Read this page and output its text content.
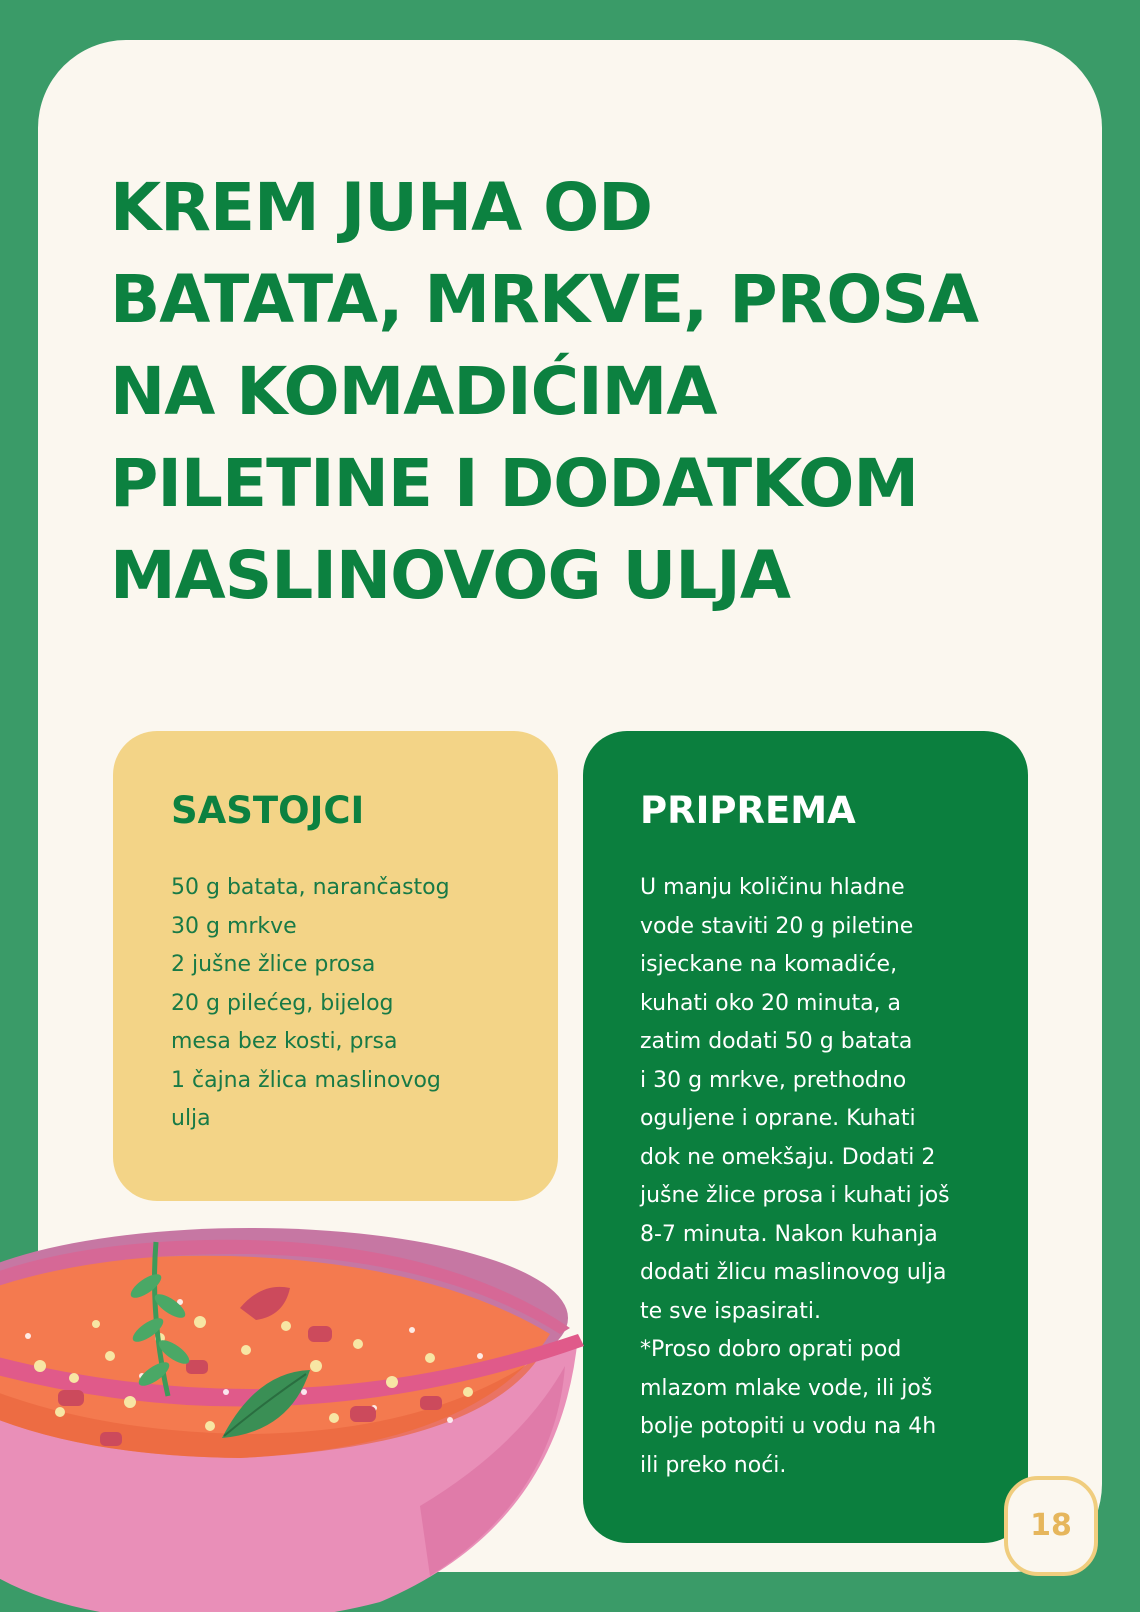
KREM JUHA OD
BATATA, MRKVE, PROSA
NA KOMADIĆIMA
PILETINE I DODATKOM
MASLINOVOG ULJA
SASTOJCI
50 g batata, narančastog
30 g mrkve
2 jušne žlice prosa
20 g pilećeg, bijelog
mesa bez kosti, prsa
1 čajna žlica maslinovog
ulja
PRIPREMA

U manju količinu hladne

vode staviti 20 g piletine

isjeckane na komadiće,

kuhati oko 20 minuta, a

zatim dodati 50 g batata

i 30 g mrkve, prethodno

oguljene i oprane. Kuhati

dok ne omekšaju. Dodati 2

jušne žlice prosa i kuhati još

8-7 minuta. Nakon kuhanja

dodati žlicu maslinovog ulja

te sve ispasirati.

*Proso dobro oprati pod

mlazom mlake vode, ili još

bolje potopiti u vodu na 4h

ili preko noći.

18
